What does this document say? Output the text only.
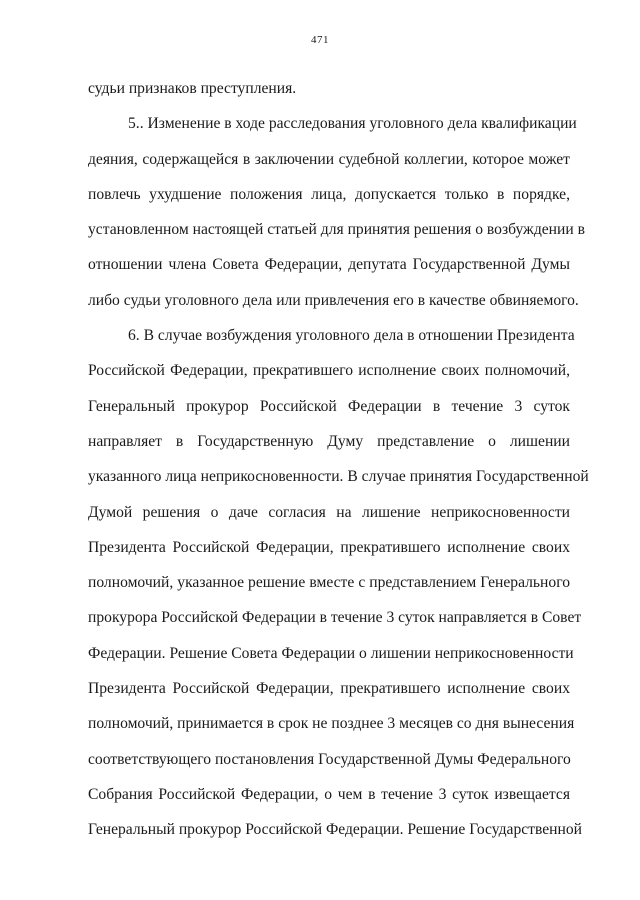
471
судьи признаков преступления.
5.. Изменение в ходе расследования уголовного дела квалификации
деяния, содержащейся в заключении судебной коллегии, которое может
повлечь ухудшение положения лица, допускается только в порядке,
установленном настоящей статьей для принятия решения о возбуждении в
отношении члена Совета Федерации, депутата Государственной Думы
либо судьи уголовного дела или привлечения его в качестве обвиняемого.
6. В случае возбуждения уголовного дела в отношении Президента
Российской Федерации, прекратившего исполнение своих полномочий,
Генеральный прокурор Российской Федерации в течение 3 суток
направляет в Государственную Думу представление о лишении
указанного лица неприкосновенности. В случае принятия Государственной
Думой решения о даче согласия на лишение неприкосновенности
Президента Российской Федерации, прекратившего исполнение своих
полномочий, указанное решение вместе с представлением Генерального
прокурора Российской Федерации в течение 3 суток направляется в Совет
Федерации. Решение Совета Федерации о лишении неприкосновенности
Президента Российской Федерации, прекратившего исполнение своих
полномочий, принимается в срок не позднее 3 месяцев со дня вынесения
соответствующего постановления Государственной Думы Федерального
Собрания Российской Федерации, о чем в течение 3 суток извещается
Генеральный прокурор Российской Федерации. Решение Государственной
